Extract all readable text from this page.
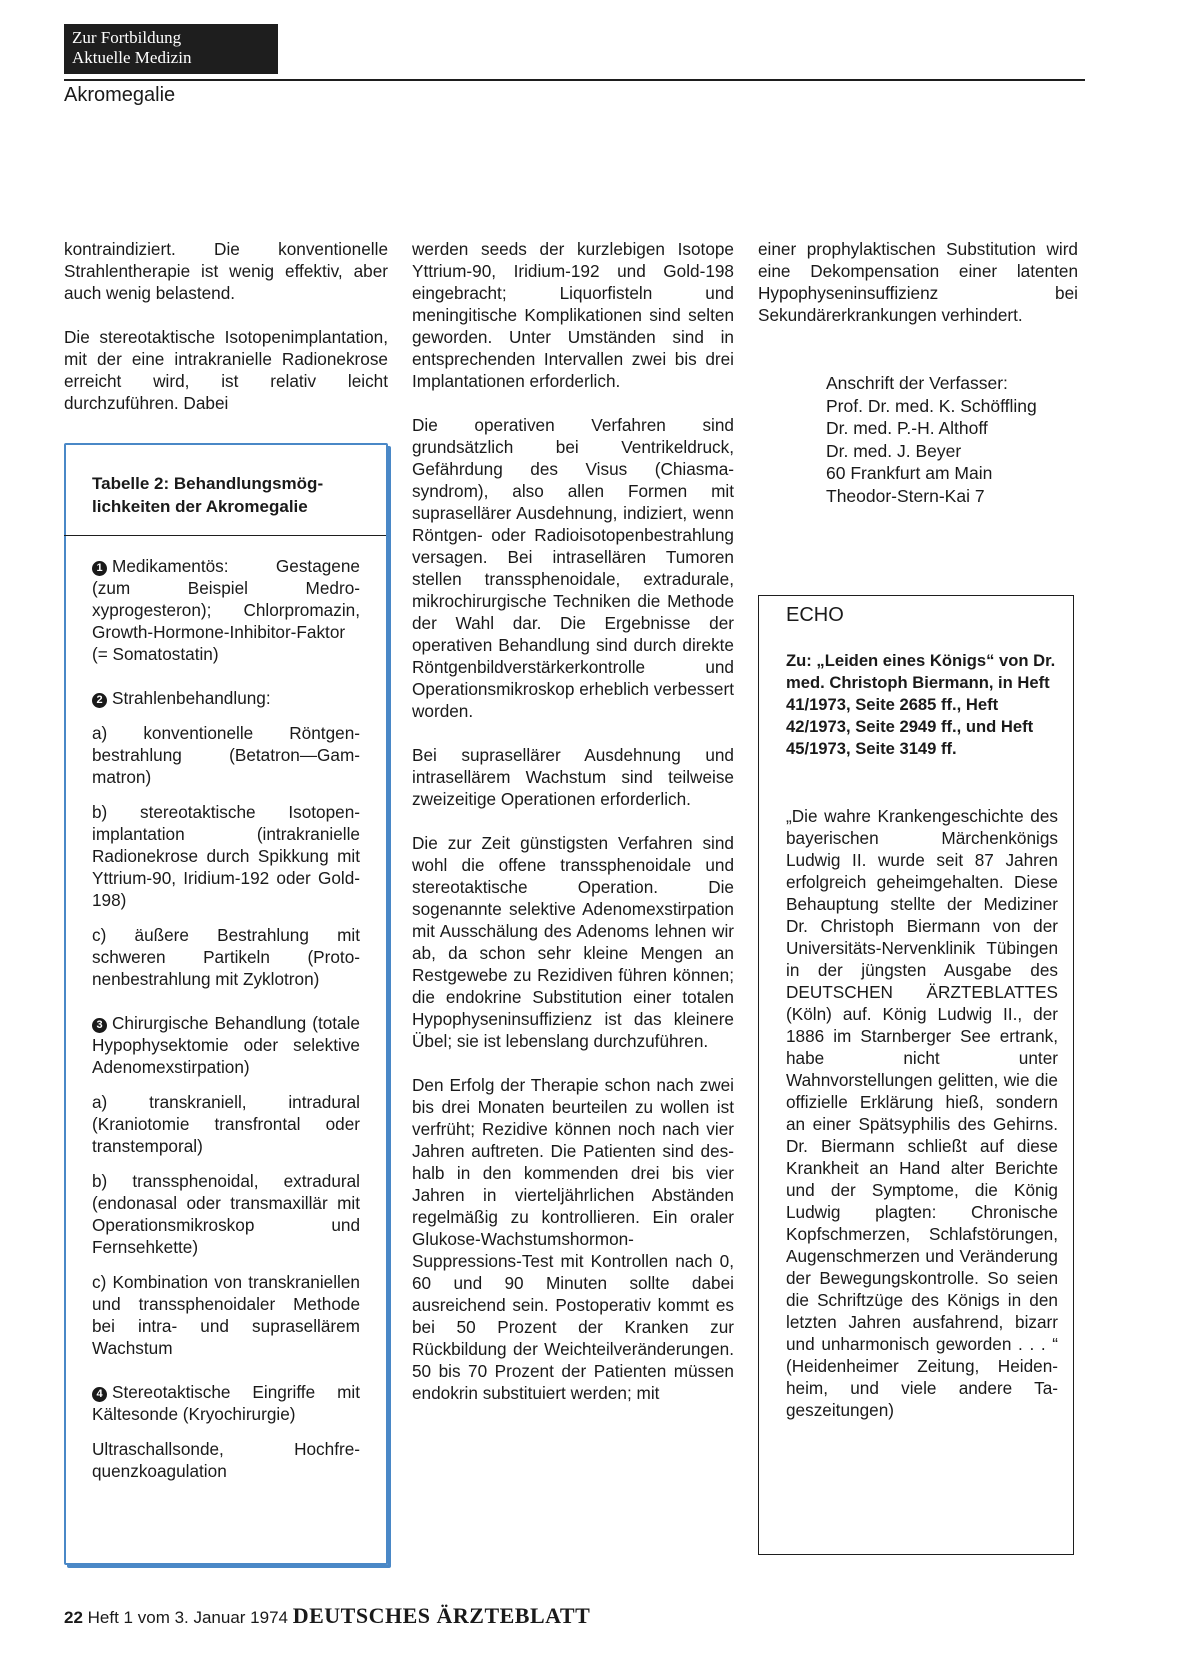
Zur Fortbildung
Aktuelle Medizin
Akromegalie

kontraindiziert. Die konventionelle Strahlentherapie ist wenig effektiv, aber auch wenig belastend.

Die stereotaktische Isotopenimplantation, mit der eine intrakranielle Radionekrose erreicht wird, ist relativ leicht durchzuführen. Dabei

Tabelle 2: Behandlungsmöglichkeiten der Akromegalie

1 Medikamentös: Gestagene (zum Beispiel Medroxyprogesteron); Chlorpromazin, Growth-Hormone-Inhibitor-Faktor (= Somatostatin)

2 Strahlenbehandlung:

a) konventionelle Röntgenbestrahlung (Betatron—Gammatron)

b) stereotaktische Isotopenimplantation (intrakranielle Radionekrose durch Spikkung mit Yttrium-90, Iridium-192 oder Gold-198)

c) äußere Bestrahlung mit schweren Partikeln (Protonenbestrahlung mit Zyklotron)

3 Chirurgische Behandlung (totale Hypophysektomie oder selektive Adenomexstirpation)

a) transkraniell, intradural (Kraniotomie transfrontal oder transtemporal)

b) transsphenoidal, extradural (endonasal oder transmaxillär mit Operationsmikroskop und Fernsehkette)

c) Kombination von transkraniellen und transsphenoidaler Methode bei intra- und suprasellärem Wachstum

4 Stereotaktische Eingriffe mit Kältesonde (Kryochirurgie)

Ultraschallsonde, Hochfrequenzkoagulation

werden seeds der kurzlebigen Isotope Yttrium-90, Iridium-192 und Gold-198 eingebracht; Liquorfisteln und meningitische Komplikationen sind selten geworden. Unter Umständen sind in entsprechenden Intervallen zwei bis drei Implantationen erforderlich.

Die operativen Verfahren sind grundsätzlich bei Ventrikeldruck, Gefährdung des Visus (Chiasmasyndrom), also allen Formen mit suprasellärer Ausdehnung, indiziert, wenn Röntgen- oder Radioisotopenbestrahlung versagen. Bei intrasellären Tumoren stellen transsphenoidale, extradurale, mikrochirurgische Techniken die Methode der Wahl dar. Die Ergebnisse der operativen Behandlung sind durch direkte Röntgenbildverstärkerkontrolle und Operationsmikroskop erheblich verbessert worden.

Bei suprasellärer Ausdehnung und intrasellärem Wachstum sind teilweise zweizeitige Operationen erforderlich.

Die zur Zeit günstigsten Verfahren sind wohl die offene transsphenoidale und stereotaktische Operation. Die sogenannte selektive Adenomexstirpation mit Ausschälung des Adenoms lehnen wir ab, da schon sehr kleine Mengen an Restgewebe zu Rezidiven führen können; die endokrine Substitution einer totalen Hypophyseninsuffizienz ist das kleinere Übel; sie ist lebenslang durchzuführen.

Den Erfolg der Therapie schon nach zwei bis drei Monaten beurteilen zu wollen ist verfrüht; Rezidive können noch nach vier Jahren auftreten. Die Patienten sind deshalb in den kommenden drei bis vier Jahren in vierteljährlichen Abständen regelmäßig zu kontrollieren. Ein oraler Glukose-Wachstumshormon-Suppressions-Test mit Kontrollen nach 0, 60 und 90 Minuten sollte dabei ausreichend sein. Postoperativ kommt es bei 50 Prozent der Kranken zur Rückbildung der Weichteilveränderungen. 50 bis 70 Prozent der Patienten müssen endokrin substituiert werden; mit

einer prophylaktischen Substitution wird eine Dekompensation einer latenten Hypophyseninsuffizienz bei Sekundärerkrankungen verhindert.

Anschrift der Verfasser:
Prof. Dr. med. K. Schöffling
Dr. med. P.-H. Althoff
Dr. med. J. Beyer
60 Frankfurt am Main
Theodor-Stern-Kai 7
ECHO
Zu: „Leiden eines Königs“ von Dr. med. Christoph Biermann, in Heft 41/1973, Seite 2685 ff., Heft 42/1973, Seite 2949 ff., und Heft 45/1973, Seite 3149 ff.
„Die wahre Krankengeschichte des bayerischen Märchenkönigs Ludwig II. wurde seit 87 Jahren erfolgreich geheimgehalten. Diese Behauptung stellte der Mediziner Dr. Christoph Biermann von der Universitäts-Nervenklinik Tübingen in der jüngsten Ausgabe des DEUTSCHEN ÄRZTEBLATTES (Köln) auf. König Ludwig II., der 1886 im Starnberger See ertrank, habe nicht unter Wahnvorstellungen gelitten, wie die offizielle Erklärung hieß, sondern an einer Spätsyphilis des Gehirns. Dr. Biermann schließt auf diese Krankheit an Hand alter Berichte und der Symptome, die König Ludwig plagten: Chronische Kopfschmerzen, Schlafstörungen, Augenschmerzen und Veränderung der Bewegungskontrolle. So seien die Schriftzüge des Königs in den letzten Jahren ausfahrend, bizarr und unharmonisch geworden . . . “ (Heidenheimer Zeitung, Heidenheim, und viele andere Tageszeitungen)
22 Heft 1 vom 3. Januar 1974 DEUTSCHES ÄRZTEBLATT
